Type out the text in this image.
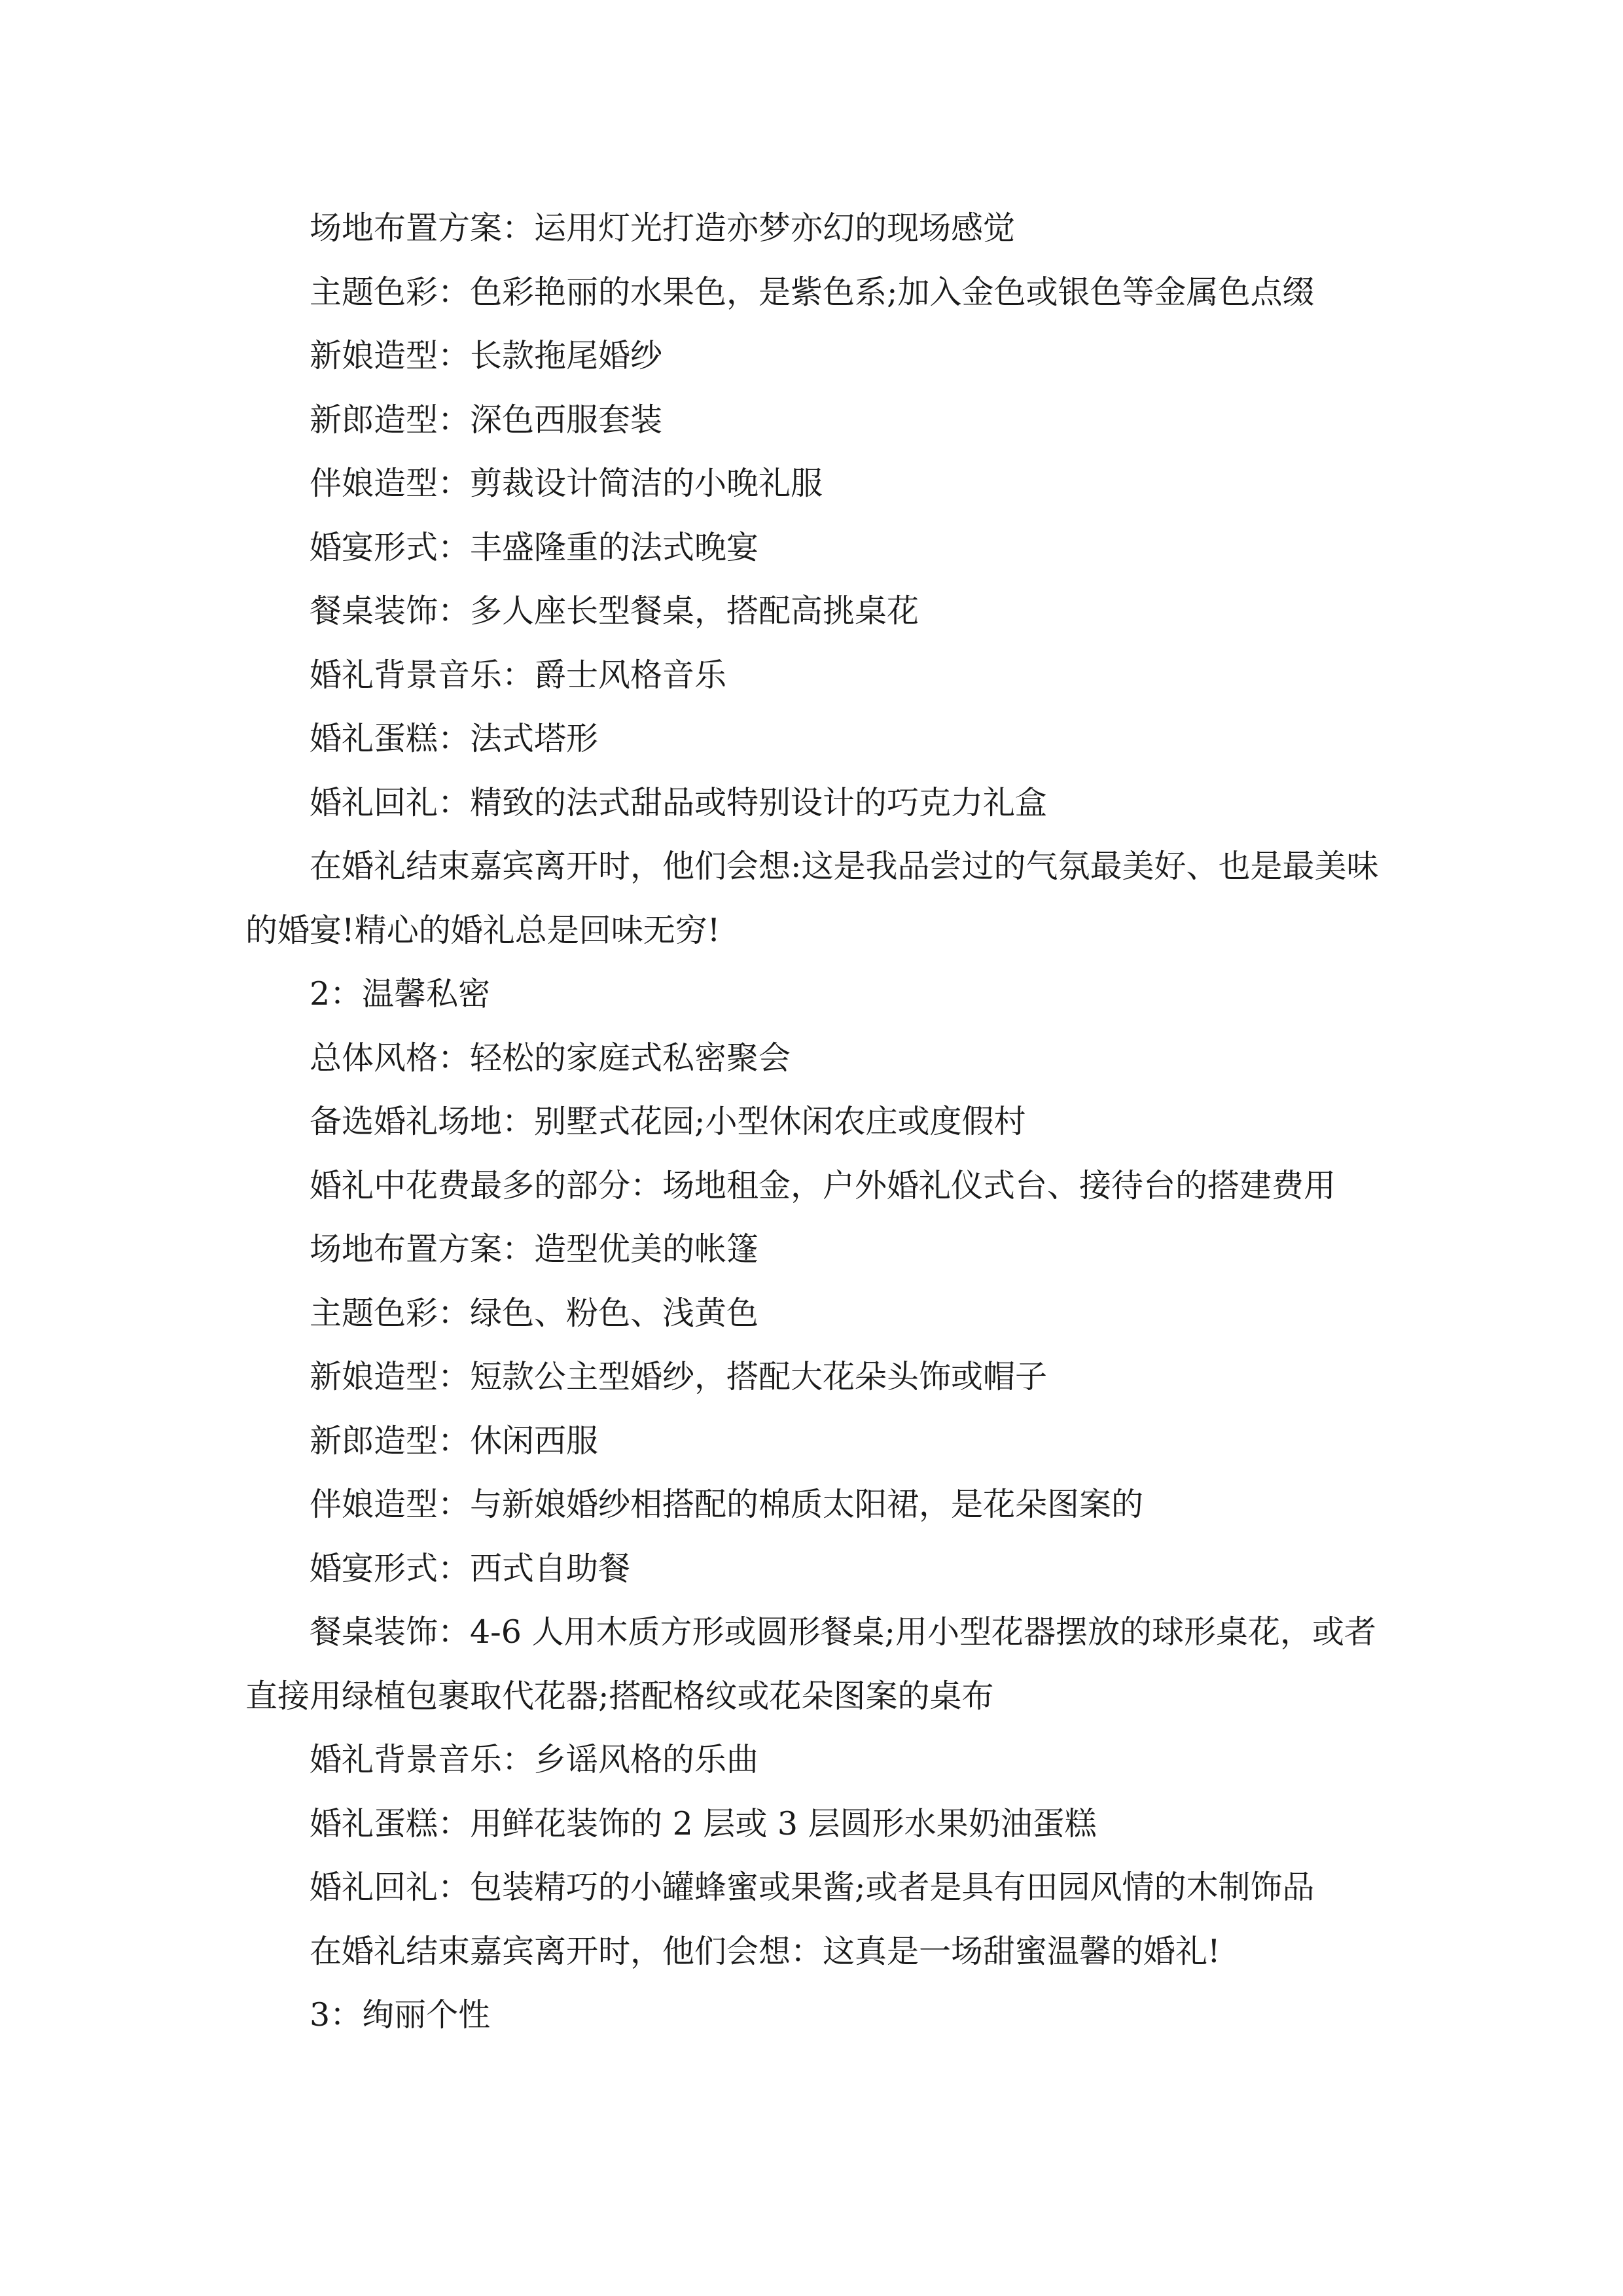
场地布置方案：运用灯光打造亦梦亦幻的现场感觉

主题色彩：色彩艳丽的水果色，是紫色系;加入金色或银色等金属色点缀

新娘造型：长款拖尾婚纱

新郎造型：深色西服套装

伴娘造型：剪裁设计简洁的小晚礼服

婚宴形式：丰盛隆重的法式晚宴

餐桌装饰：多人座长型餐桌，搭配高挑桌花

婚礼背景音乐：爵士风格音乐

婚礼蛋糕：法式塔形

婚礼回礼：精致的法式甜品或特别设计的巧克力礼盒

在婚礼结束嘉宾离开时，他们会想:这是我品尝过的气氛最美好、也是最美味的婚宴!精心的婚礼总是回味无穷!

2：温馨私密

总体风格：轻松的家庭式私密聚会

备选婚礼场地：别墅式花园;小型休闲农庄或度假村

婚礼中花费最多的部分：场地租金，户外婚礼仪式台、接待台的搭建费用

场地布置方案：造型优美的帐篷

主题色彩：绿色、粉色、浅黄色

新娘造型：短款公主型婚纱，搭配大花朵头饰或帽子

新郎造型：休闲西服

伴娘造型：与新娘婚纱相搭配的棉质太阳裙，是花朵图案的

婚宴形式：西式自助餐

餐桌装饰：4-6 人用木质方形或圆形餐桌;用小型花器摆放的球形桌花，或者直接用绿植包裹取代花器;搭配格纹或花朵图案的桌布

婚礼背景音乐：乡谣风格的乐曲

婚礼蛋糕：用鲜花装饰的 2 层或 3 层圆形水果奶油蛋糕

婚礼回礼：包装精巧的小罐蜂蜜或果酱;或者是具有田园风情的木制饰品

在婚礼结束嘉宾离开时，他们会想：这真是一场甜蜜温馨的婚礼!

3：绚丽个性
